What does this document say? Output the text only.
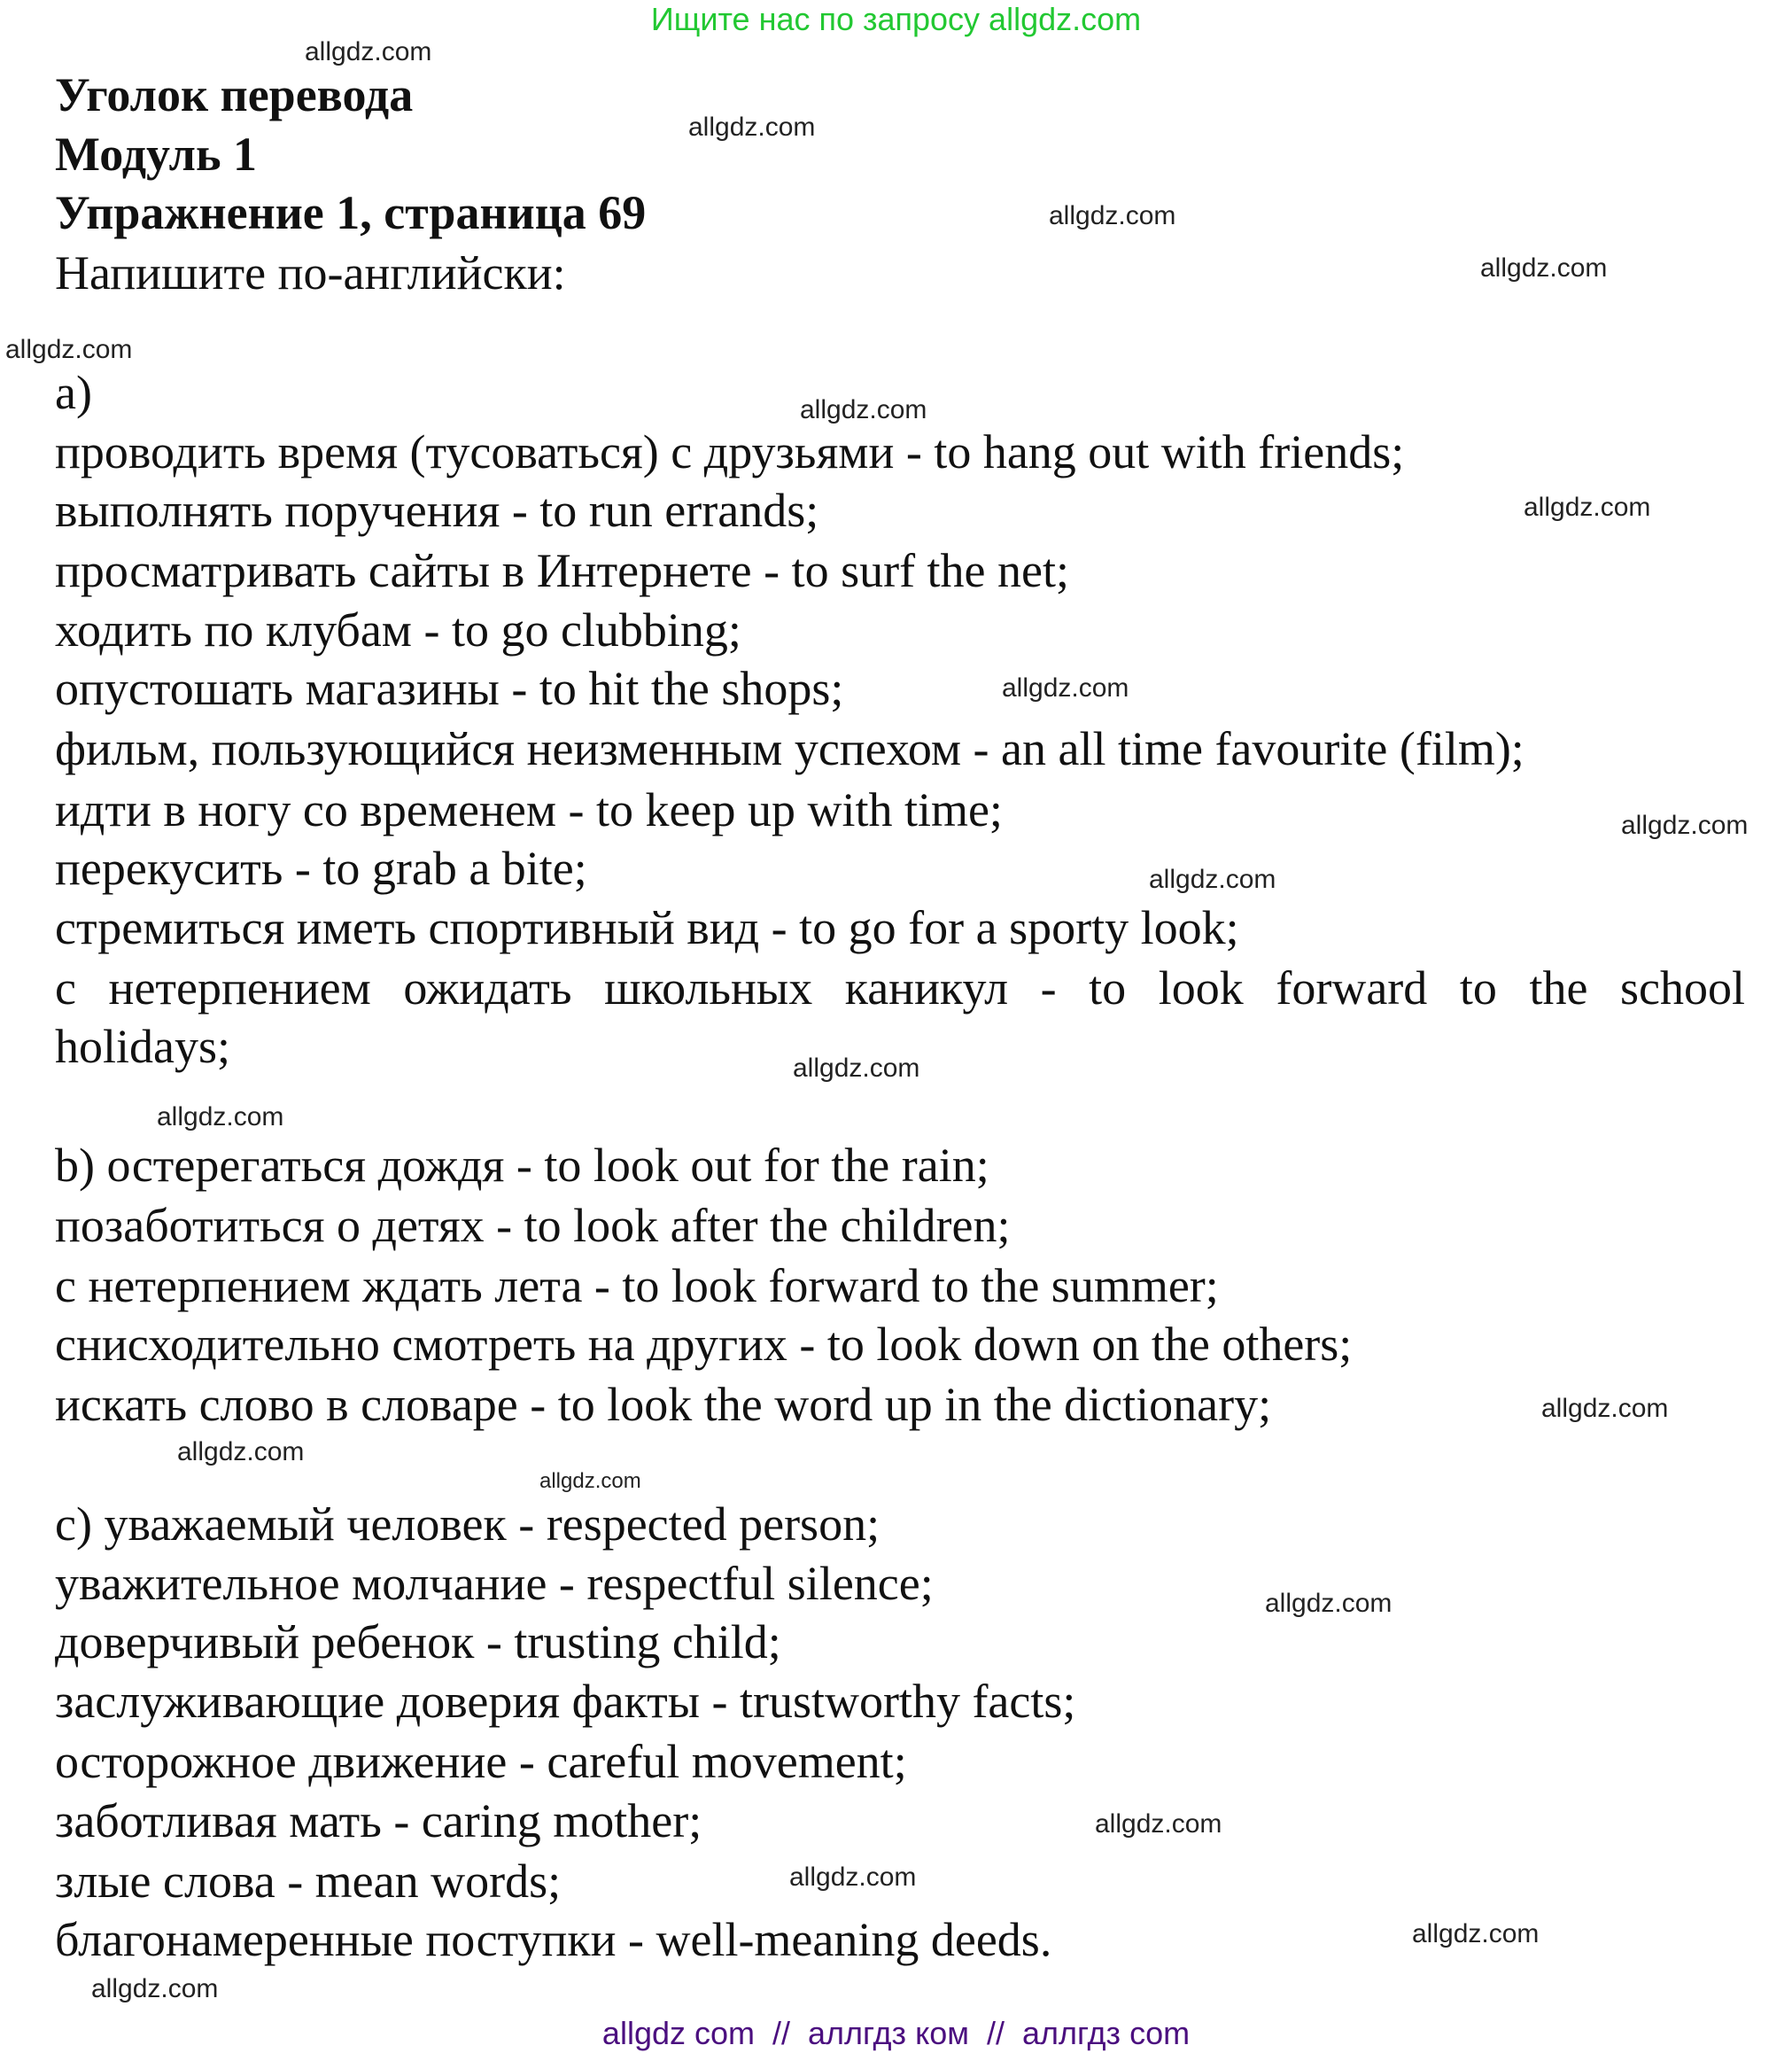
Ищите нас по запросу allgdz.com
Уголок перевода
Модуль 1
Упражнение 1, страница 69
Напишите по-английски:
a)
проводить время (тусоваться) с друзьями - to hang out with friends;
выполнять поручения - to run errands;
просматривать сайты в Интернете - to surf the net;
ходить по клубам - to go clubbing;
опустошать магазины - to hit the shops;
фильм, пользующийся неизменным успехом - an all time favourite (film);
идти в ногу со временем - to keep up with time;
перекусить - to grab a bite;
стремиться иметь спортивный вид - to go for a sporty look;
с нетерпением ожидать школьных каникул - to look forward to the school
holidays;
b) остерегаться дождя - to look out for the rain;
позаботиться о детях - to look after the children;
с нетерпением ждать лета - to look forward to the summer;
снисходительно смотреть на других - to look down on the others;
искать слово в словаре - to look the word up in the dictionary;
c) уважаемый человек - respected person;
уважительное молчание - respectful silence;
доверчивый ребенок - trusting child;
заслуживающие доверия факты - trustworthy facts;
осторожное движение - careful movement;
заботливая мать - caring mother;
злые слова - mean words;
благонамеренные поступки - well-meaning deeds.
allgdz.com
allgdz.com
allgdz.com
allgdz.com
allgdz.com
allgdz.com
allgdz.com
allgdz.com
allgdz.com
allgdz.com
allgdz.com
allgdz.com
allgdz.com
allgdz.com
allgdz.com
allgdz.com
allgdz.com
allgdz.com
allgdz.com
allgdz.com
allgdz com  //  аллгдз ком  //  аллгдз com
